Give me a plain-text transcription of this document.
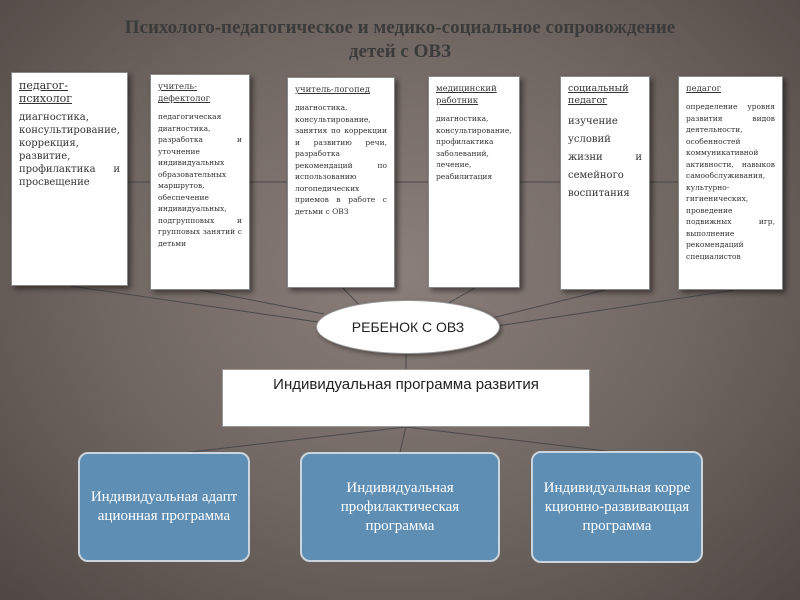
Психолого-педагогическое и медико-социальное сопровождение
детей с ОВЗ
педагог-психолог
диагностика, консультирование, коррекция, развитие, профилактика и просвещение
учитель-дефектолог
педагогическая диагностика, разработка и уточнение индивидуальных образовательных маршрутов, обеспечение индивидуальных, подгрупповых и групповых занятий с детьми
учитель-логопед
диагностика, консультирование, занятия по коррекции и развитию речи, разработка рекомендаций по использованию логопедических приемов в работе с детьми с ОВЗ
медицинский работник
диагностика, консультирование, профилактика заболеваний, лечение, реабилитация
социальный педагог
изучение условий жизни и семейного воспитания
педагог
определение уровня развития видов деятельности, особенностей коммуникативной активности, навыков самообслуживания, культурно-гигиенических, проведение подвижных игр, выполнение рекомендаций специалистов
РЕБЕНОК С ОВЗ
Индивидуальная программа развития
Индивидуальная адаптационная программа
Индивидуальная профилактическая программа
Индивидуальная коррекционно-развивающая программа
